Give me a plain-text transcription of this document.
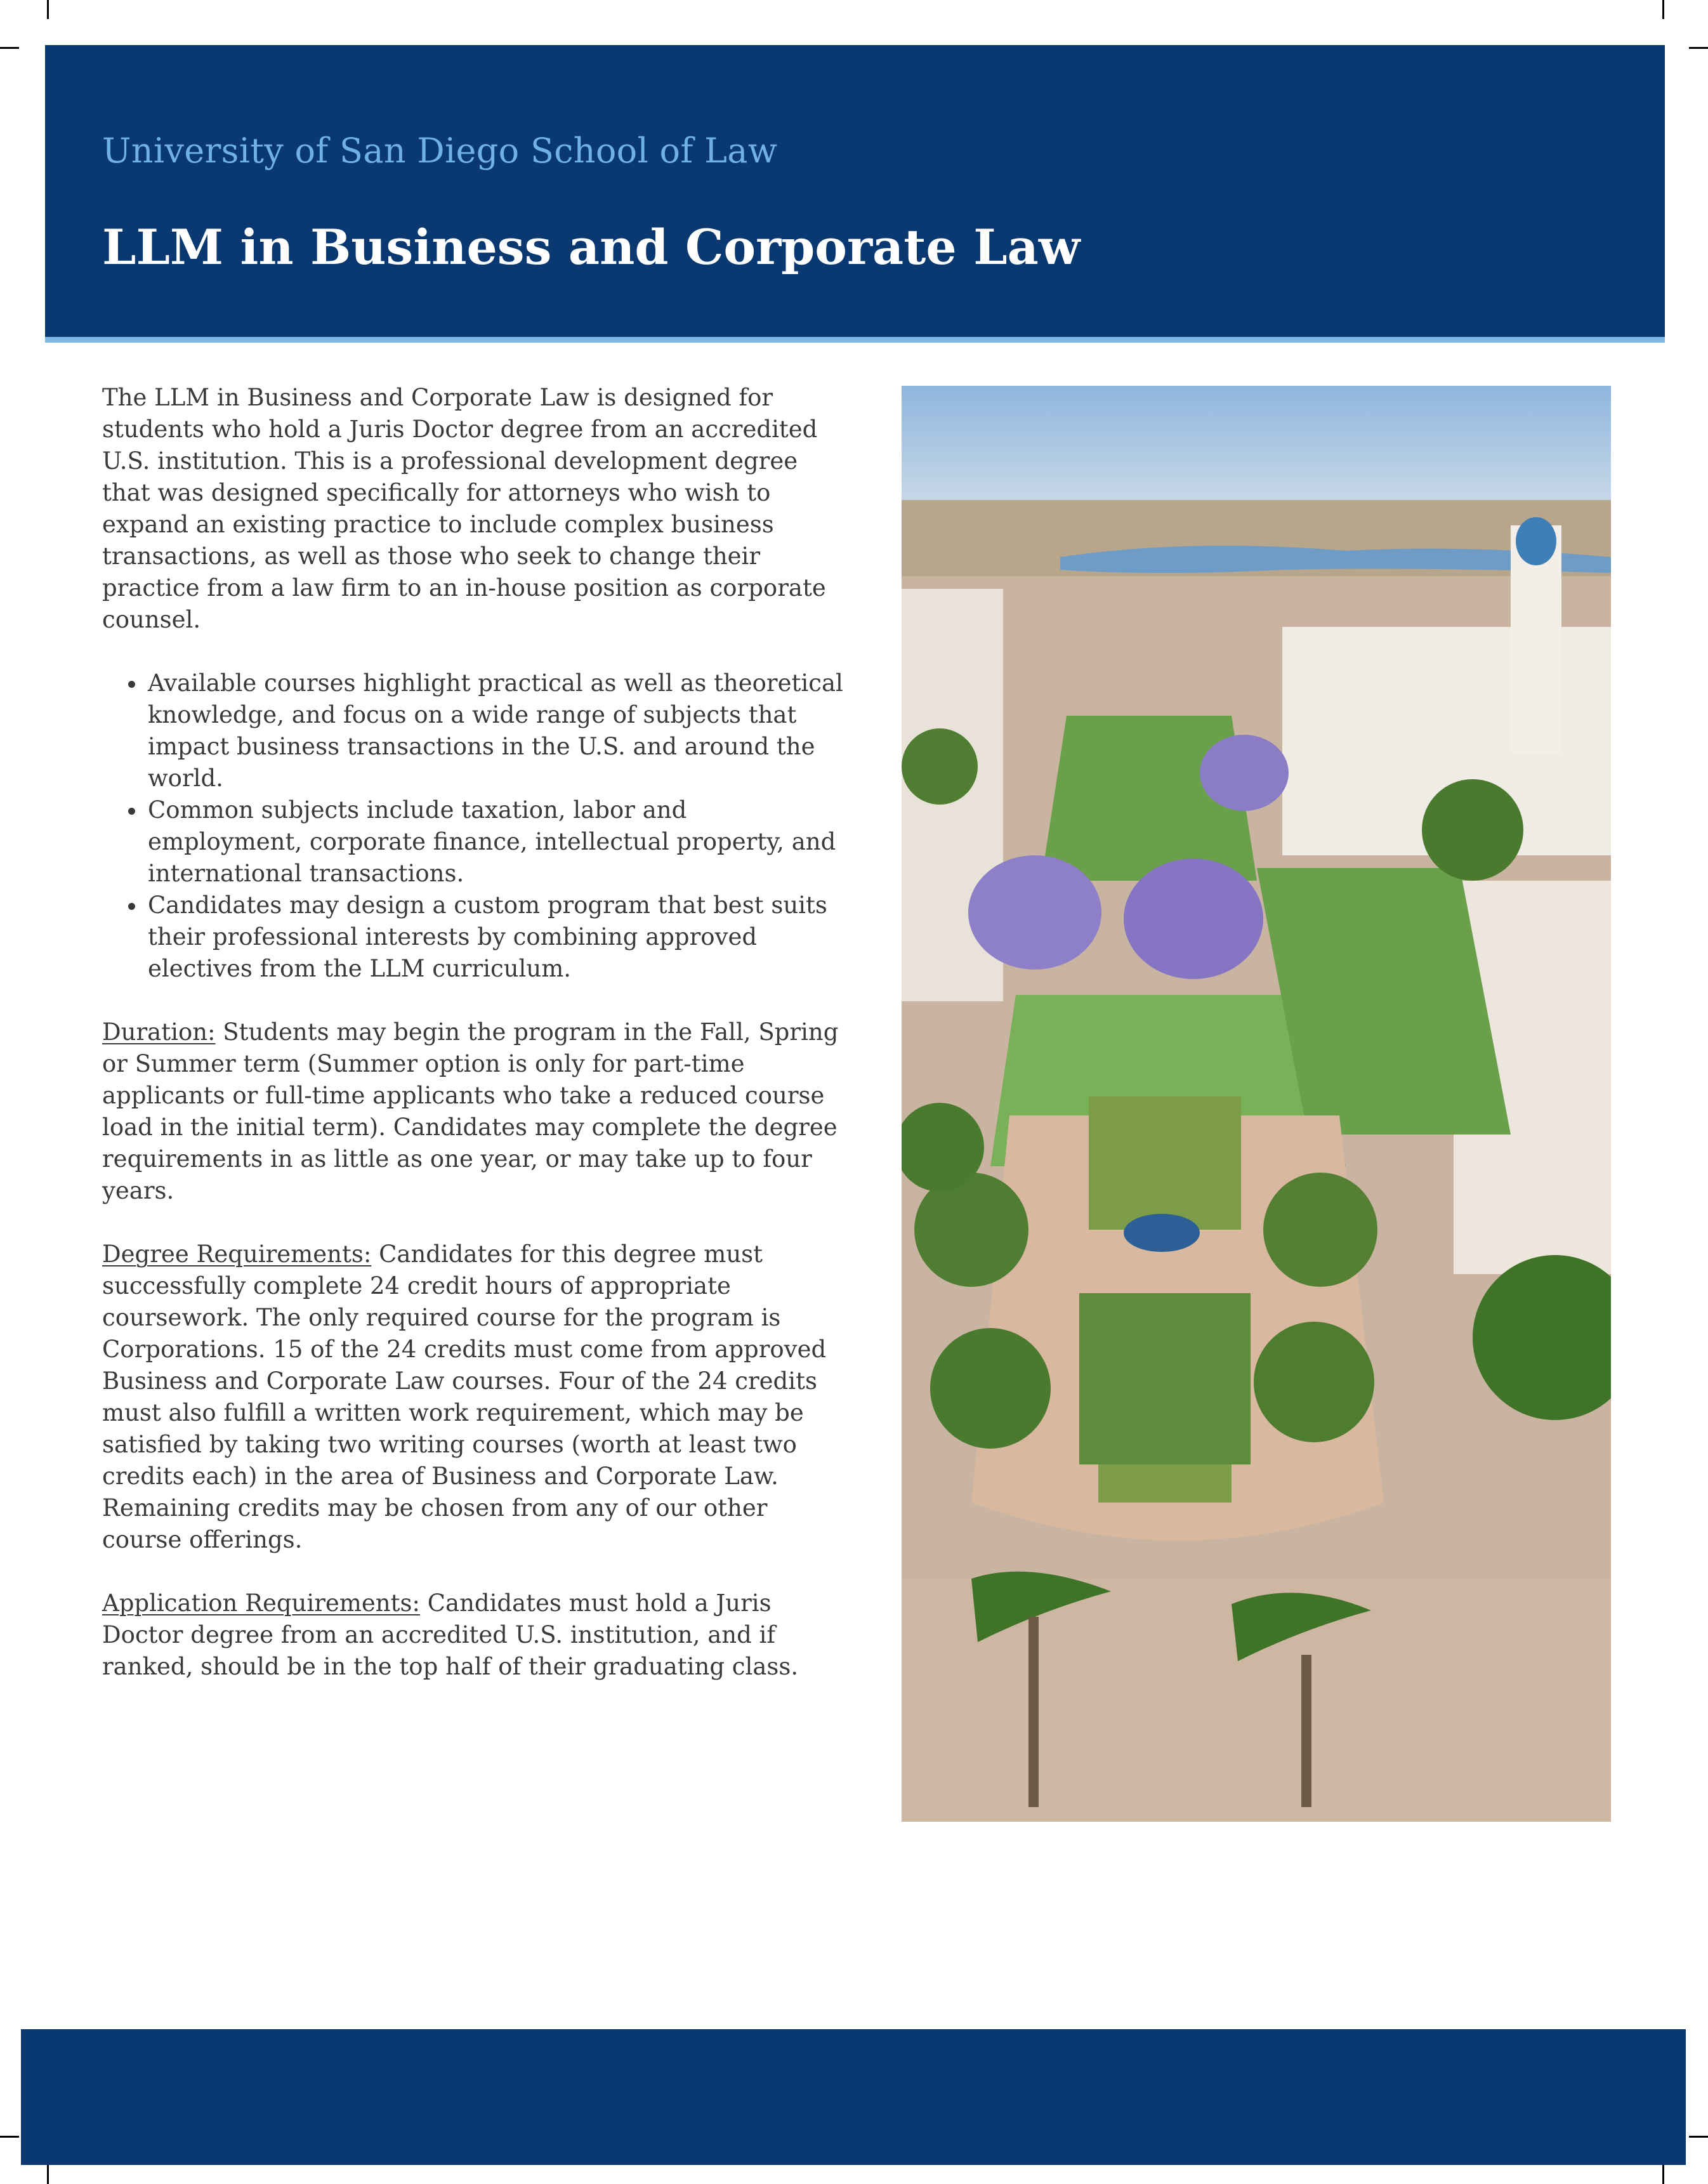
University of San Diego School of Law
LLM in Business and Corporate Law

The LLM in Business and Corporate Law is designed for students who hold a Juris Doctor degree from an accredited U.S. institution. This is a professional development degree that was designed specifically for attorneys who wish to expand an existing practice to include complex business transactions, as well as those who seek to change their practice from a law firm to an in-house position as corporate counsel.

• Available courses highlight practical as well as theoretical knowledge, and focus on a wide range of subjects that impact business transactions in the U.S. and around the world.
• Common subjects include taxation, labor and employment, corporate finance, intellectual property, and international transactions.
• Candidates may design a custom program that best suits their professional interests by combining approved electives from the LLM curriculum.

Duration: Students may begin the program in the Fall, Spring or Summer term (Summer option is only for part-time applicants or full-time applicants who take a reduced course load in the initial term). Candidates may complete the degree requirements in as little as one year, or may take up to four years.

Degree Requirements: Candidates for this degree must successfully complete 24 credit hours of appropriate coursework. The only required course for the program is Corporations. 15 of the 24 credits must come from approved Business and Corporate Law courses. Four of the 24 credits must also fulfill a written work requirement, which may be satisfied by taking two writing courses (worth at least two credits each) in the area of Business and Corporate Law. Remaining credits may be chosen from any of our other course offerings.

Application Requirements: Candidates must hold a Juris Doctor degree from an accredited U.S. institution, and if ranked, should be in the top half of their graduating class.
